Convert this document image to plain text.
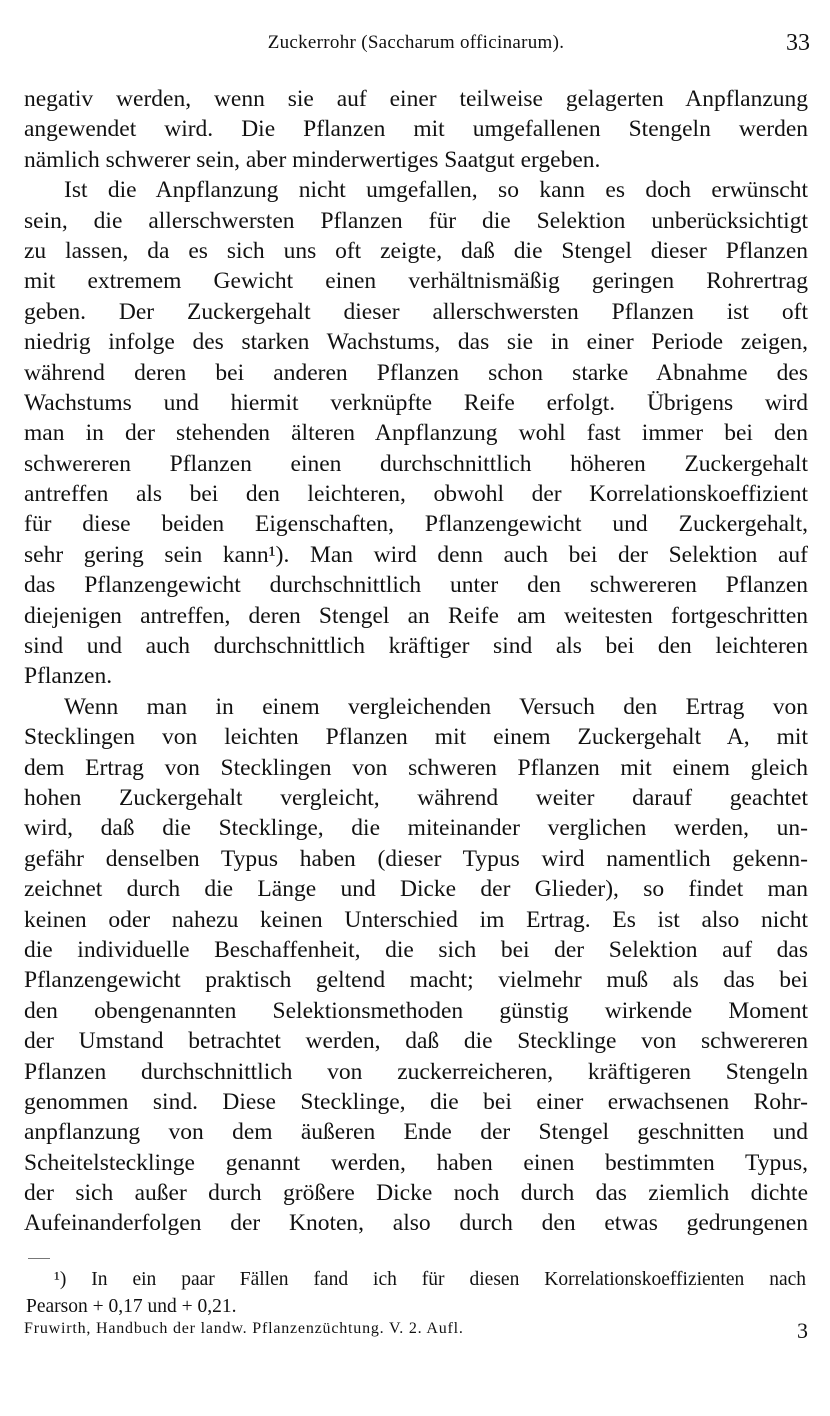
Zuckerrohr (Saccharum officinarum).	33
negativ werden, wenn sie auf einer teilweise gelagerten Anpflanzung
angewendet wird. Die Pflanzen mit umgefallenen Stengeln werden
nämlich schwerer sein, aber minderwertiges Saatgut ergeben.
Ist die Anpflanzung nicht umgefallen, so kann es doch erwünscht
sein, die allerschwersten Pflanzen für die Selektion unberücksichtigt
zu lassen, da es sich uns oft zeigte, daß die Stengel dieser Pflanzen
mit extremem Gewicht einen verhältnismäßig geringen Rohrertrag
geben. Der Zuckergehalt dieser allerschwersten Pflanzen ist oft
niedrig infolge des starken Wachstums, das sie in einer Periode zeigen,
während deren bei anderen Pflanzen schon starke Abnahme des
Wachstums und hiermit verknüpfte Reife erfolgt. Übrigens wird
man in der stehenden älteren Anpflanzung wohl fast immer bei den
schwereren Pflanzen einen durchschnittlich höheren Zuckergehalt
antreffen als bei den leichteren, obwohl der Korrelationskoeffizient
für diese beiden Eigenschaften, Pflanzengewicht und Zuckergehalt,
sehr gering sein kann¹). Man wird denn auch bei der Selektion auf
das Pflanzengewicht durchschnittlich unter den schwereren Pflanzen
diejenigen antreffen, deren Stengel an Reife am weitesten fortgeschritten
sind und auch durchschnittlich kräftiger sind als bei den leichteren
Pflanzen.
Wenn man in einem vergleichenden Versuch den Ertrag von
Stecklingen von leichten Pflanzen mit einem Zuckergehalt A, mit
dem Ertrag von Stecklingen von schweren Pflanzen mit einem gleich
hohen Zuckergehalt vergleicht, während weiter darauf geachtet
wird, daß die Stecklinge, die miteinander verglichen werden, un-
gefähr denselben Typus haben (dieser Typus wird namentlich gekenn-
zeichnet durch die Länge und Dicke der Glieder), so findet man
keinen oder nahezu keinen Unterschied im Ertrag. Es ist also nicht
die individuelle Beschaffenheit, die sich bei der Selektion auf das
Pflanzengewicht praktisch geltend macht; vielmehr muß als das bei
den obengenannten Selektionsmethoden günstig wirkende Moment
der Umstand betrachtet werden, daß die Stecklinge von schwereren
Pflanzen durchschnittlich von zuckerreicheren, kräftigeren Stengeln
genommen sind. Diese Stecklinge, die bei einer erwachsenen Rohr-
anpflanzung von dem äußeren Ende der Stengel geschnitten und
Scheitelstecklinge genannt werden, haben einen bestimmten Typus,
der sich außer durch größere Dicke noch durch das ziemlich dichte
Aufeinanderfolgen der Knoten, also durch den etwas gedrungenen
¹) In ein paar Fällen fand ich für diesen Korrelationskoeffizienten nach
Pearson + 0,17 und + 0,21.
Fruwirth, Handbuch der landw. Pflanzenzüchtung. V. 2. Aufl.	3
